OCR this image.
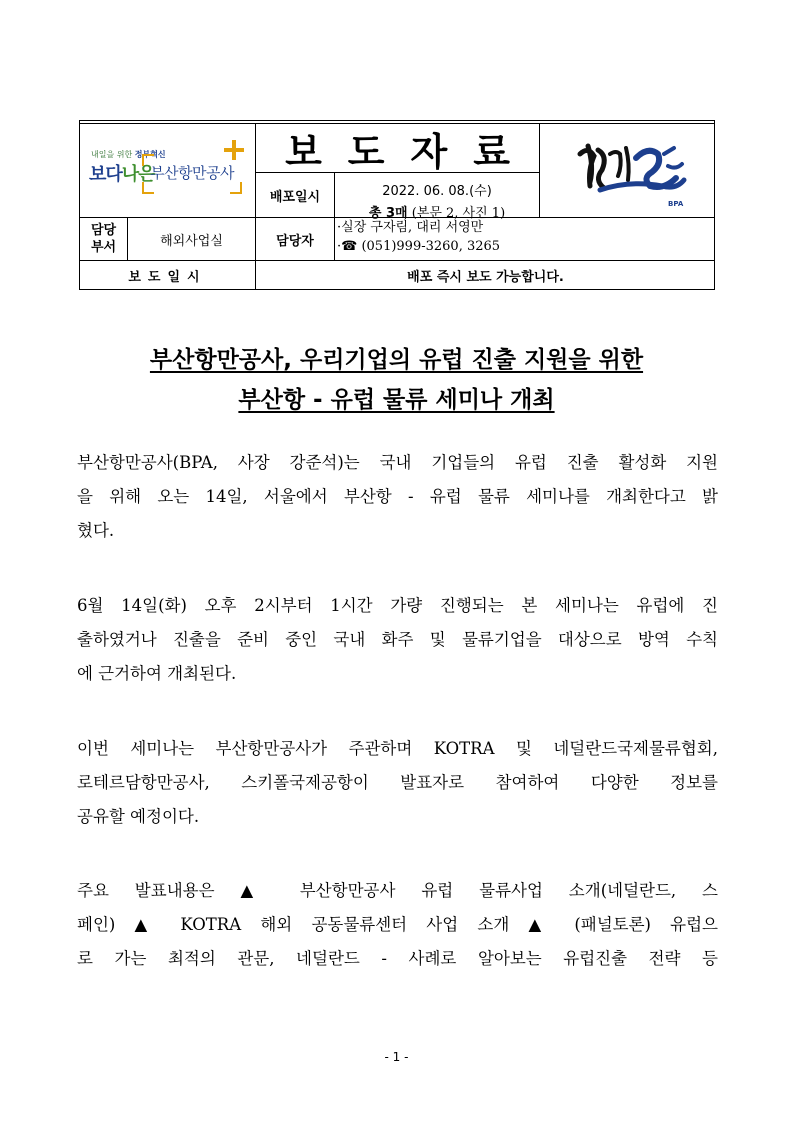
내일을 위한 정부혁신
보다나은
부산항만공사	보도자료
배포일시	2022. 06. 08.(수)
총 3매 (본문 2, 사진 1)
BPA
담당
부서	해외사업실	담당자
·실장 구자림, 대리 서영만
·☎ (051)999-3260, 3265
보도일시	배포 즉시 보도 가능합니다.
부산항만공사, 우리기업의 유럽 진출 지원을 위한
부산항 - 유럽 물류 세미나 개최
부산항만공사(BPA, 사장 강준석)는 국내 기업들의 유럽 진출 활성화 지원
을 위해 오는 14일, 서울에서 부산항 - 유럽 물류 세미나를 개최한다고 밝
혔다.
6월 14일(화) 오후 2시부터 1시간 가량 진행되는 본 세미나는 유럽에 진
출하였거나 진출을 준비 중인 국내 화주 및 물류기업을 대상으로 방역 수칙
에 근거하여 개최된다.
이번 세미나는 부산항만공사가 주관하며 KOTRA 및 네덜란드국제물류협회,
로테르담항만공사, 스키폴국제공항이 발표자로 참여하여 다양한 정보를
공유할 예정이다.
주요 발표내용은 ▲ 부산항만공사 유럽 물류사업 소개(네덜란드, 스
페인) ▲ KOTRA 해외 공동물류센터 사업 소개 ▲ (패널토론) 유럽으
로 가는 최적의 관문, 네덜란드 - 사례로 알아보는 유럽진출 전략 등
- 1 -
